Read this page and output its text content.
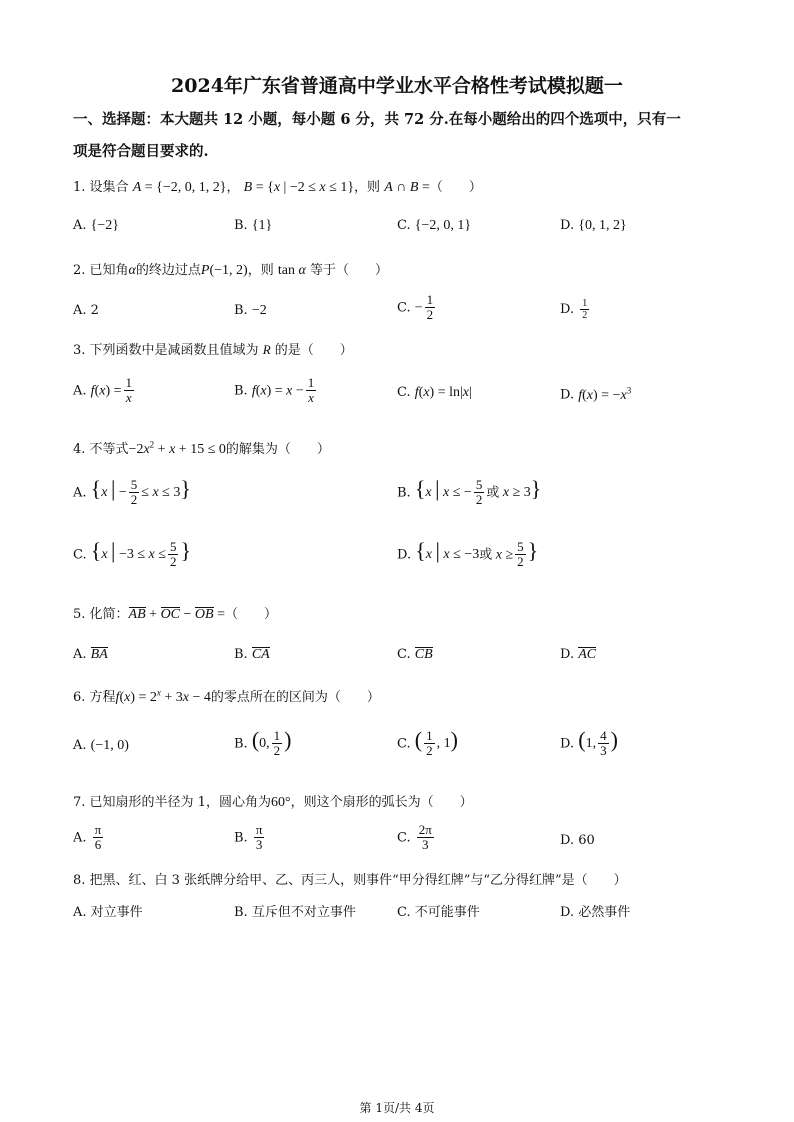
2024年广东省普通高中学业水平合格性考试模拟题一
一、选择题：本大题共 12 小题，每小题 6 分，共 72 分.在每小题给出的四个选项中，只有一
项是符合题目要求的.
1. 设集合 A = {−2, 0, 1, 2}， B = {x | −2 ≤ x ≤ 1}，则 A ∩ B =（　　）
A. {−2}	B. {1}	C. {−2, 0, 1}	D. {0, 1, 2}
2. 已知角α的终边过点P(−1, 2)，则 tan α 等于（　　）
A. 2	B. −2	C. − $\frac{1}{2}$	D. $\frac{1}{2}$
3. 下列函数中是减函数且值域为 R 的是（　　）
A. $f(x) = \frac{1}{x}$	B. $f(x) = x - \frac{1}{x}$	C. f(x) = ln|x|	D. $f(x) = -x^3$
4. 不等式$-2x^2 + x + 15 \le 0$的解集为（　　）
A. {x | − $\frac{5}{2} \le x \le 3$}	B. {x | x ≤ − $\frac{5}{2}$ 或 x ≥ 3}
C. {x | $-3 \le x \le \frac{5}{2}$ }	D. {x | x ≤ −3或 $x \ge \frac{5}{2}$ }
5. 化简：AB + OC − OB =（　　）
A. BA	B. CA	C. CB	D. AC
6. 方程$f(x) = 2^x + 3x - 4$的零点所在的区间为（　　）
A. (−1, 0)	B. (0, $\frac{1}{2}$ )	C. ( $\frac{1}{2}$ , 1)	D. (1, $\frac{4}{3}$ )
7. 已知扇形的半径为 1，圆心角为60°，则这个扇形的弧长为（　　）
A. $\frac{\pi}{6}$	B. $\frac{\pi}{3}$	C. $\frac{2\pi}{3}$	D. 60
8. 把黑、红、白 3 张纸牌分给甲、乙、丙三人，则事件“甲分得红牌”与“乙分得红牌”是（　　）
A. 对立事件	B. 互斥但不对立事件	C. 不可能事件	D. 必然事件
第 1页/共 4页
